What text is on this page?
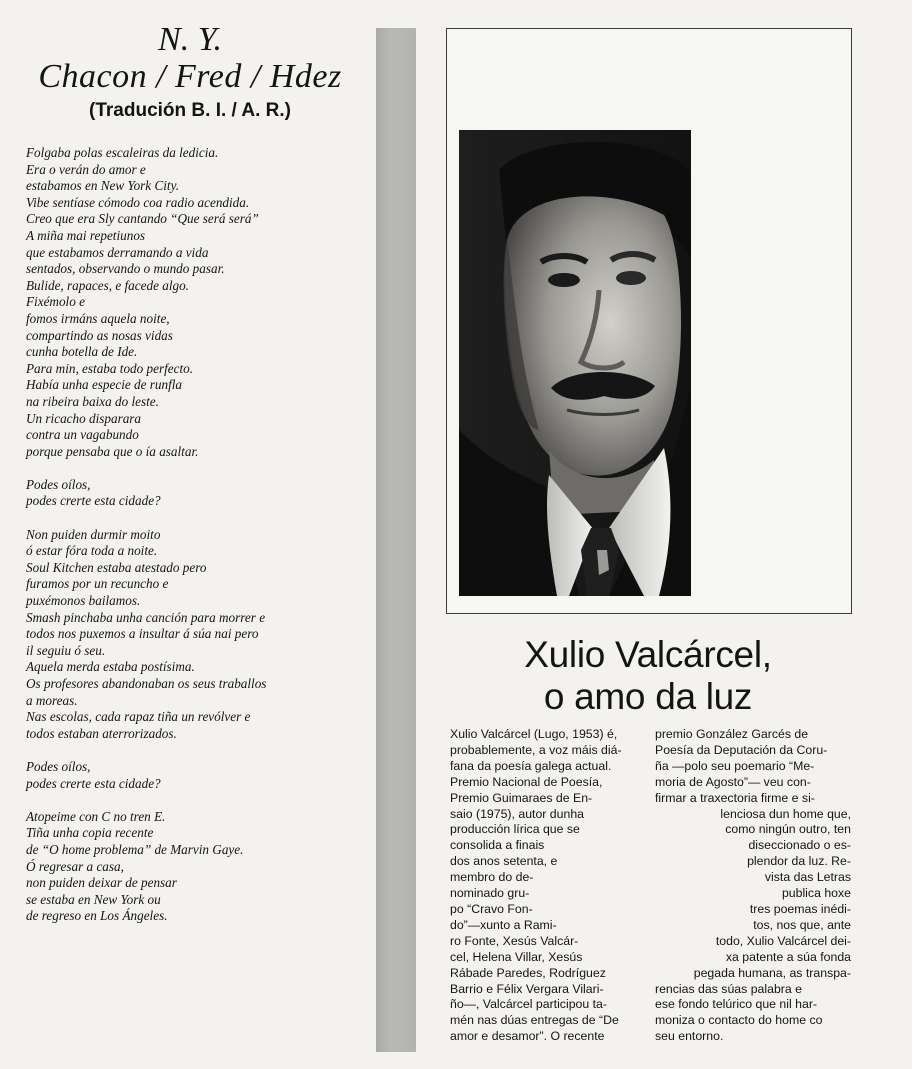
N. Y.
Chacon / Fred / Hdez
(Tradución B. I. / A. R.)
Folgaba polas escaleiras da ledicia.
Era o verán do amor e
estabamos en New York City.
Vibe sentíase cómodo coa radio acendida.
Creo que era Sly cantando “Que será será”
A miña mai repetiunos
que estabamos derramando a vida
sentados, observando o mundo pasar.
Bulide, rapaces, e facede algo.
Fixémolo e
fomos irmáns aquela noite,
compartindo as nosas vidas
cunha botella de Ide.
Para min, estaba todo perfecto.
Había unha especie de runfla
na ribeira baixa do leste.
Un ricacho disparara
contra un vagabundo
porque pensaba que o ía asaltar.
Podes oílos,
podes crerte esta cidade?
Non puiden durmir moito
ó estar fóra toda a noite.
Soul Kitchen estaba atestado pero
furamos por un recuncho e
puxémonos bailamos.
Smash pinchaba unha canción para morrer e
todos nos puxemos a insultar á súa nai pero
il seguiu ó seu.
Aquela merda estaba postísima.
Os profesores abandonaban os seus traballos
a moreas.
Nas escolas, cada rapaz tiña un revólver e
todos estaban aterrorizados.
Podes oílos,
podes crerte esta cidade?
Atopeime con C no tren E.
Tiña unha copia recente
de “O home problema” de Marvin Gaye.
Ó regresar a casa,
non puiden deixar de pensar
se estaba en New York ou
de regreso en Los Ángeles.
Xulio Valcárcel,
o amo da luz
Xulio Valcárcel (Lugo, 1953) é,
probablemente, a voz máis diá-
fana da poesía galega actual.
Premio Nacional de Poesía,
Premio Guimaraes de En-
saio (1975), autor dunha
producción lírica que se
consolida a finais
dos anos setenta, e
membro do de-
nominado gru-
po “Cravo Fon-
do”—xunto a Rami-
ro Fonte, Xesús Valcár-
cel, Helena Villar, Xesús
Rábade Paredes, Rodríguez
Barrio e Félix Vergara Vilari-
ño—, Valcárcel participou ta-
mén nas dúas entregas de “De
amor e desamor”. O recente
premio González Garcés de
Poesía da Deputación da Coru-
ña —polo seu poemario “Me-
moria de Agosto”— veu con-
firmar a traxectoria firme e si-
lenciosa dun home que,
como ningún outro, ten
diseccionado o es-
plendor da luz. Re-
vista das Letras
publica hoxe
tres poemas inédi-
tos, nos que, ante
todo, Xulio Valcárcel dei-
xa patente a súa fonda
pegada humana, as transpa-
rencias das súas palabra e
ese fondo telúrico que nil har-
moniza o contacto do home co
seu entorno.
